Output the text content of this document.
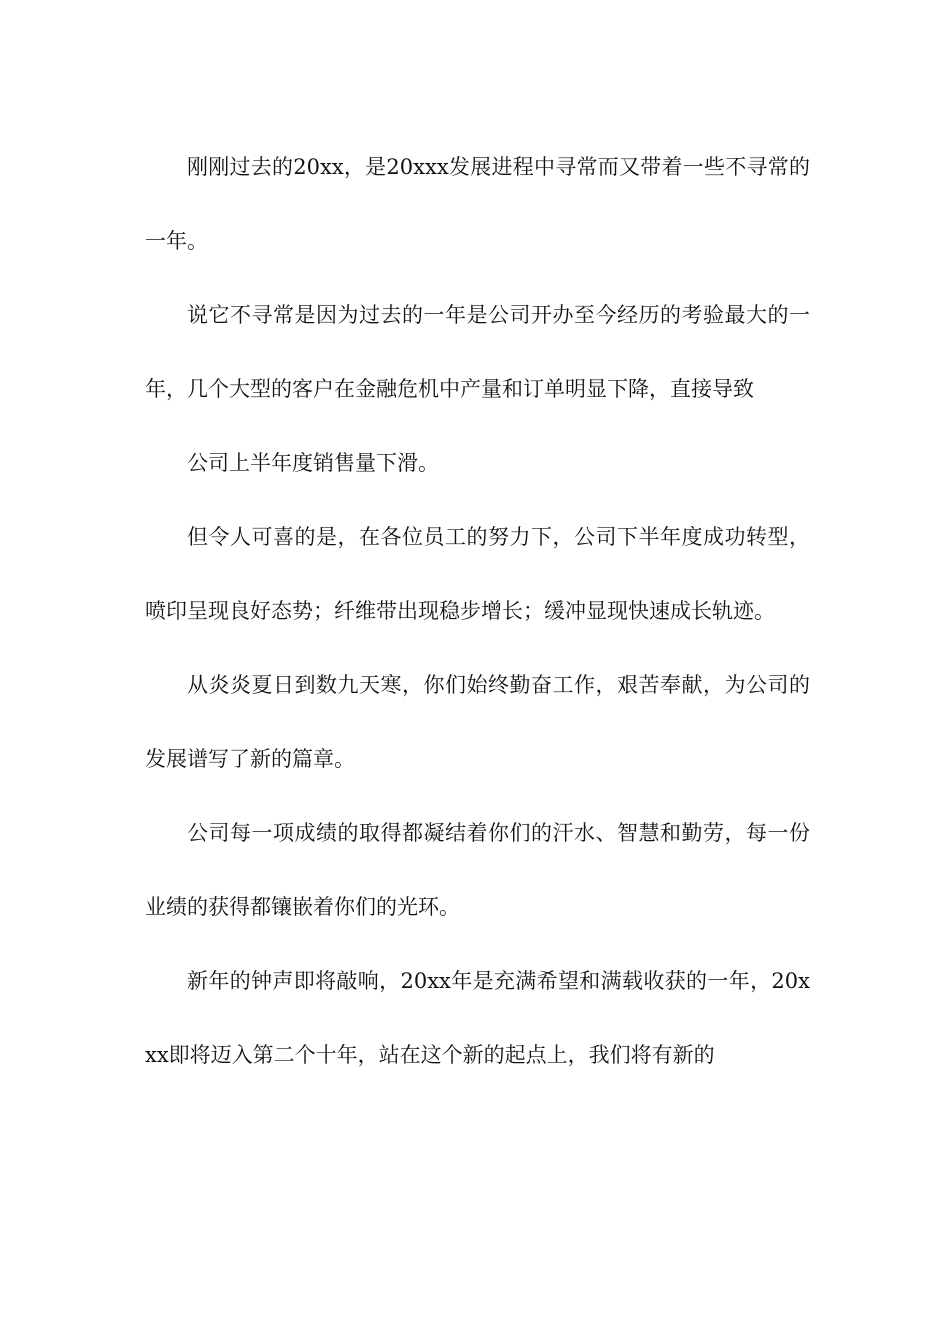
刚刚过去的20xx，是20xxx发展进程中寻常而又带着一些不寻常的一年。

说它不寻常是因为过去的一年是公司开办至今经历的考验最大的一年，几个大型的客户在金融危机中产量和订单明显下降，直接导致

公司上半年度销售量下滑。

但令人可喜的是，在各位员工的努力下，公司下半年度成功转型，喷印呈现良好态势；纤维带出现稳步增长；缓冲显现快速成长轨迹。

从炎炎夏日到数九天寒，你们始终勤奋工作，艰苦奉献，为公司的发展谱写了新的篇章。

公司每一项成绩的取得都凝结着你们的汗水、智慧和勤劳，每一份业绩的获得都镶嵌着你们的光环。

新年的钟声即将敲响，20xx年是充满希望和满载收获的一年，20xxx即将迈入第二个十年，站在这个新的起点上，我们将有新的
